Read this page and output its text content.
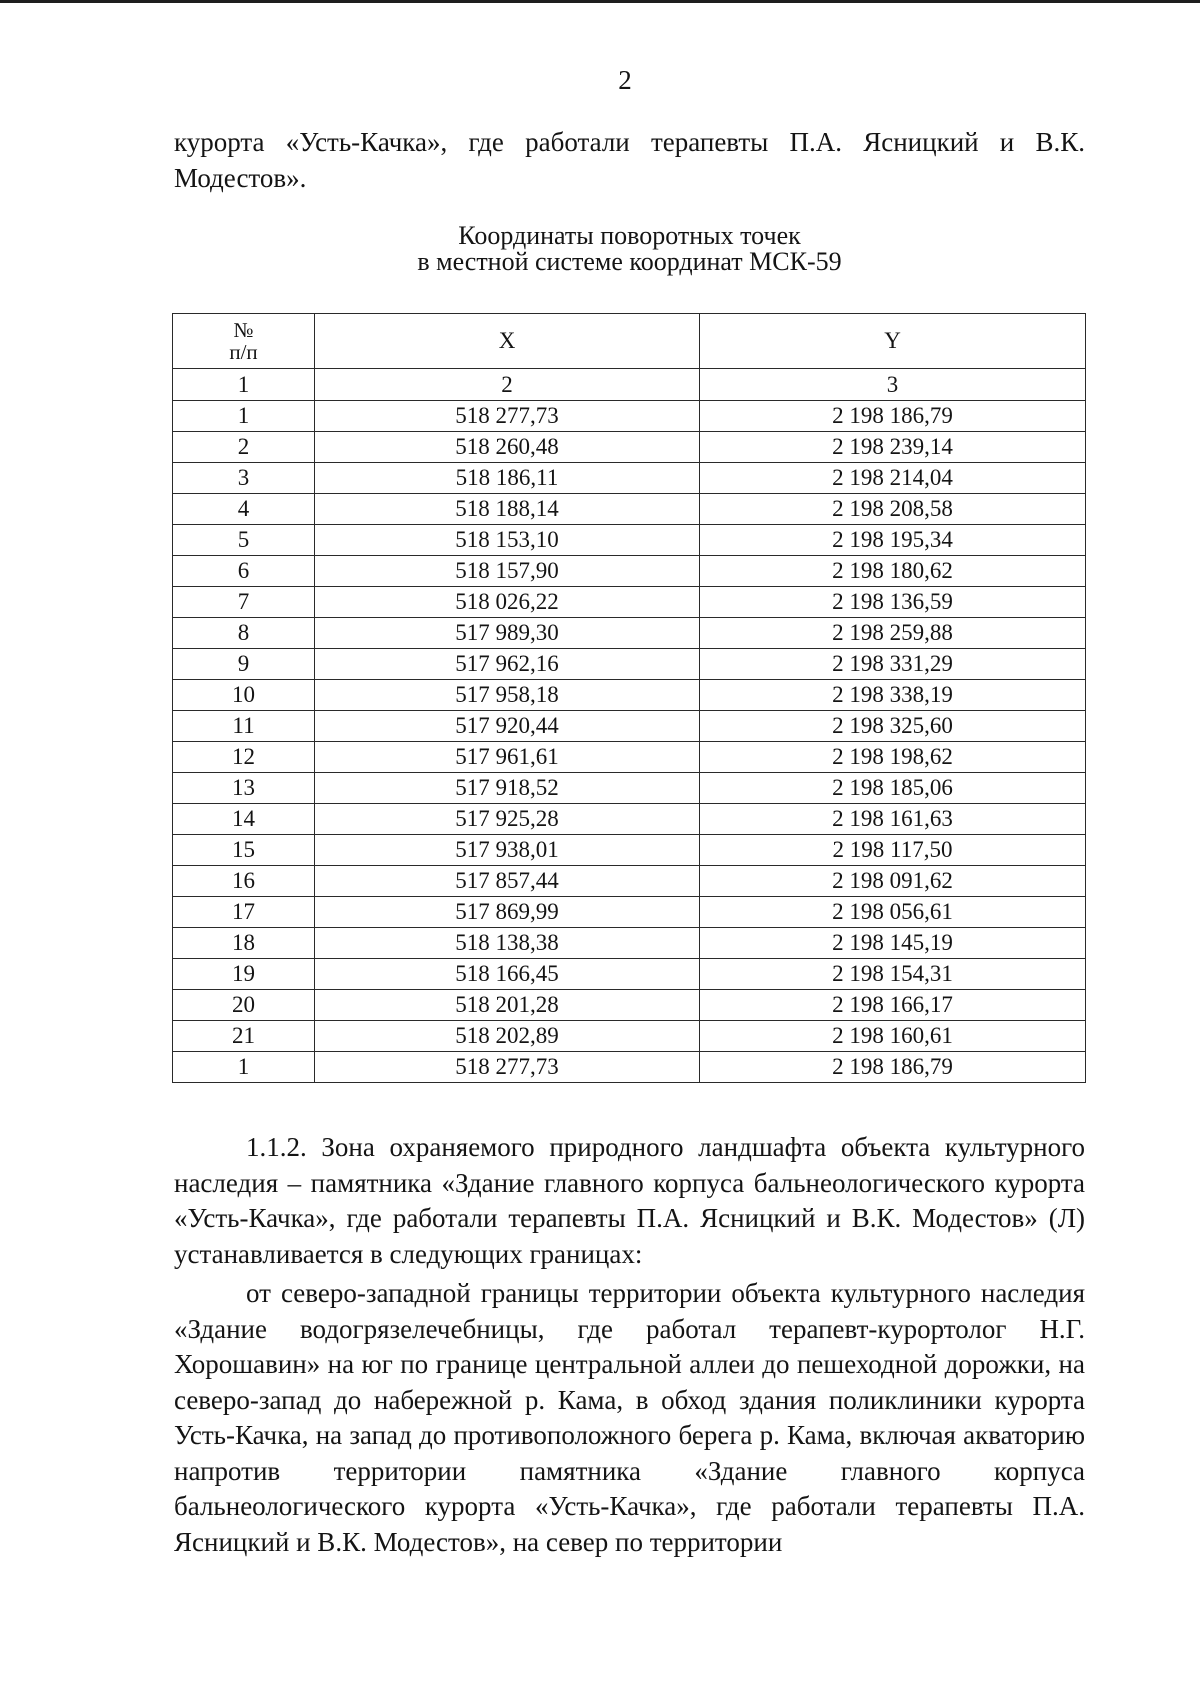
2

курорта «Усть-Качка», где работали терапевты П.А. Ясницкий и В.К. Модестов».

Координаты поворотных точек
в местной системе координат МСК-59
№
п/п	X	Y
1	2	3
1	518 277,73	2 198 186,79
2	518 260,48	2 198 239,14
3	518 186,11	2 198 214,04
4	518 188,14	2 198 208,58
5	518 153,10	2 198 195,34
6	518 157,90	2 198 180,62
7	518 026,22	2 198 136,59
8	517 989,30	2 198 259,88
9	517 962,16	2 198 331,29
10	517 958,18	2 198 338,19
11	517 920,44	2 198 325,60
12	517 961,61	2 198 198,62
13	517 918,52	2 198 185,06
14	517 925,28	2 198 161,63
15	517 938,01	2 198 117,50
16	517 857,44	2 198 091,62
17	517 869,99	2 198 056,61
18	518 138,38	2 198 145,19
19	518 166,45	2 198 154,31
20	518 201,28	2 198 166,17
21	518 202,89	2 198 160,61
1	518 277,73	2 198 186,79

1.1.2. Зона охраняемого природного ландшафта объекта культурного наследия – памятника «Здание главного корпуса бальнеологического курорта «Усть-Качка», где работали терапевты П.А. Ясницкий и В.К. Модестов» (Л) устанавливается в следующих границах:

от северо-западной границы территории объекта культурного наследия «Здание водогрязелечебницы, где работал терапевт-курортолог Н.Г. Хорошавин» на юг по границе центральной аллеи до пешеходной дорожки, на северо-запад до набережной р. Кама, в обход здания поликлиники курорта Усть-Качка, на запад до противоположного берега р. Кама, включая акваторию напротив территории памятника «Здание главного корпуса бальнеологического курорта «Усть-Качка», где работали терапевты П.А. Ясницкий и В.К. Модестов», на север по территории
